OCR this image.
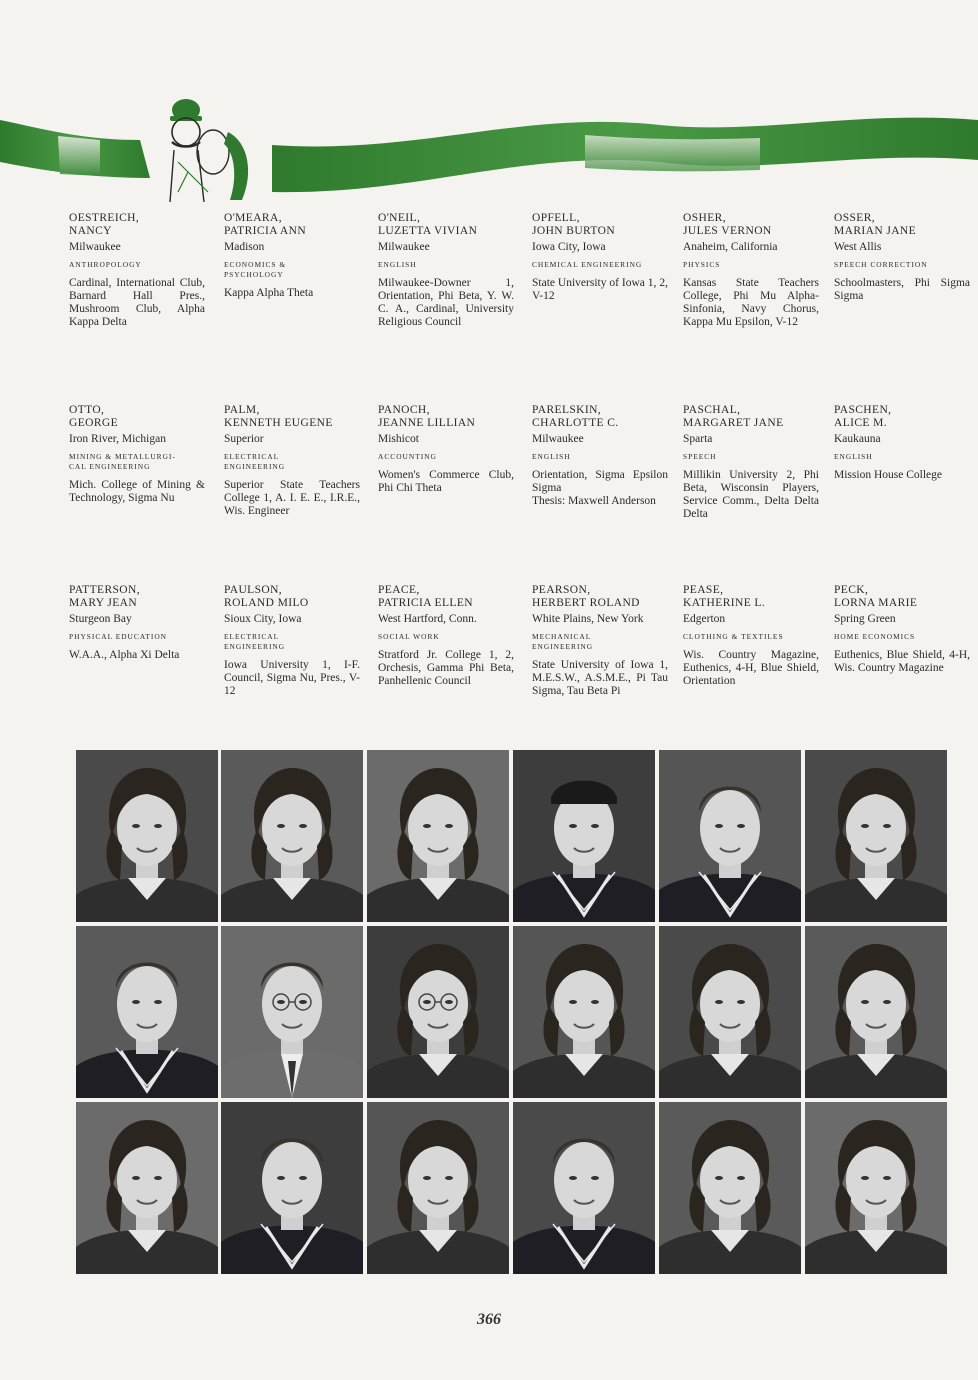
OESTREICH,
NANCY
Milwaukee
ANTHROPOLOGY
Cardinal, International Club, Barnard Hall Pres., Mushroom Club, Alpha Kappa Delta
O'MEARA,
PATRICIA ANN
Madison
ECONOMICS &
PSYCHOLOGY
Kappa Alpha Theta
O'NEIL,
LUZETTA VIVIAN
Milwaukee
ENGLISH
Milwaukee-Downer 1, Orientation, Phi Beta, Y. W. C. A., Cardinal, University Religious Council
OPFELL,
JOHN BURTON
Iowa City, Iowa
CHEMICAL ENGINEERING
State University of Iowa 1, 2, V-12
OSHER,
JULES VERNON
Anaheim, California
PHYSICS
Kansas State Teachers College, Phi Mu Alpha-Sinfonia, Navy Chorus, Kappa Mu Epsilon, V-12
OSSER,
MARIAN JANE
West Allis
SPEECH CORRECTION
Schoolmasters, Phi Sigma Sigma
OTTO,
GEORGE
Iron River, Michigan
MINING & METALLURGI-
CAL ENGINEERING
Mich. College of Mining & Technology, Sigma Nu
PALM,
KENNETH EUGENE
Superior
ELECTRICAL
ENGINEERING
Superior State Teachers College 1, A. I. E. E., I.R.E., Wis. Engineer
PANOCH,
JEANNE LILLIAN
Mishicot
ACCOUNTING
Women's Commerce Club, Phi Chi Theta
PARELSKIN,
CHARLOTTE C.
Milwaukee
ENGLISH
Orientation, Sigma Epsilon Sigma
Thesis: Maxwell Anderson
PASCHAL,
MARGARET JANE
Sparta
SPEECH
Millikin University 2, Phi Beta, Wisconsin Players, Service Comm., Delta Delta Delta
PASCHEN,
ALICE M.
Kaukauna
ENGLISH
Mission House College
PATTERSON,
MARY JEAN
Sturgeon Bay
PHYSICAL EDUCATION
W.A.A., Alpha Xi Delta
PAULSON,
ROLAND MILO
Sioux City, Iowa
ELECTRICAL
ENGINEERING
Iowa University 1, I-F. Council, Sigma Nu, Pres., V-12
PEACE,
PATRICIA ELLEN
West Hartford, Conn.
SOCIAL WORK
Stratford Jr. College 1, 2, Orchesis, Gamma Phi Beta, Panhellenic Council
PEARSON,
HERBERT ROLAND
White Plains, New York
MECHANICAL
ENGINEERING
State University of Iowa 1, M.E.S.W., A.S.M.E., Pi Tau Sigma, Tau Beta Pi
PEASE,
KATHERINE L.
Edgerton
CLOTHING & TEXTILES
Wis. Country Magazine, Euthenics, 4-H, Blue Shield, Orientation
PECK,
LORNA MARIE
Spring Green
HOME ECONOMICS
Euthenics, Blue Shield, 4-H, Wis. Country Magazine
366
